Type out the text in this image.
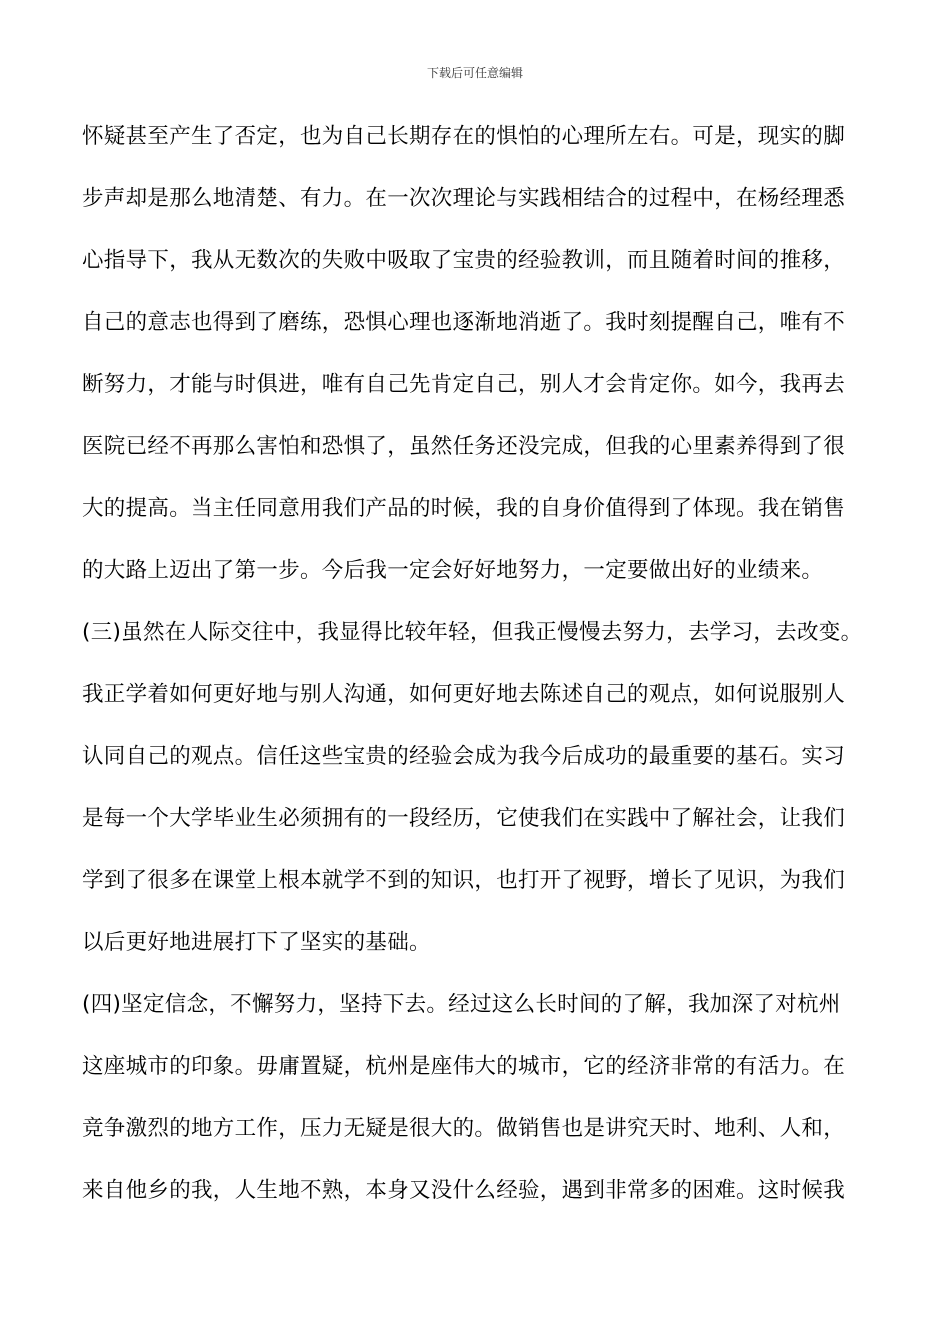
下载后可任意编辑
怀疑甚至产生了否定，也为自己长期存在的惧怕的心理所左右。可是，现实的脚
步声却是那么地清楚、有力。在一次次理论与实践相结合的过程中，在杨经理悉
心指导下，我从无数次的失败中吸取了宝贵的经验教训，而且随着时间的推移，
自己的意志也得到了磨练，恐惧心理也逐渐地消逝了。我时刻提醒自己，唯有不
断努力，才能与时俱进，唯有自己先肯定自己，别人才会肯定你。如今，我再去
医院已经不再那么害怕和恐惧了，虽然任务还没完成，但我的心里素养得到了很
大的提高。当主任同意用我们产品的时候，我的自身价值得到了体现。我在销售
的大路上迈出了第一步。今后我一定会好好地努力，一定要做出好的业绩来。
(三)虽然在人际交往中，我显得比较年轻，但我正慢慢去努力，去学习，去改变。
我正学着如何更好地与别人沟通，如何更好地去陈述自己的观点，如何说服别人
认同自己的观点。信任这些宝贵的经验会成为我今后成功的最重要的基石。实习
是每一个大学毕业生必须拥有的一段经历，它使我们在实践中了解社会，让我们
学到了很多在课堂上根本就学不到的知识，也打开了视野，增长了见识，为我们
以后更好地进展打下了坚实的基础。
(四)坚定信念，不懈努力，坚持下去。经过这么长时间的了解，我加深了对杭州
这座城市的印象。毋庸置疑，杭州是座伟大的城市，它的经济非常的有活力。在
竞争激烈的地方工作，压力无疑是很大的。做销售也是讲究天时、地利、人和，
来自他乡的我，人生地不熟，本身又没什么经验，遇到非常多的困难。这时候我
